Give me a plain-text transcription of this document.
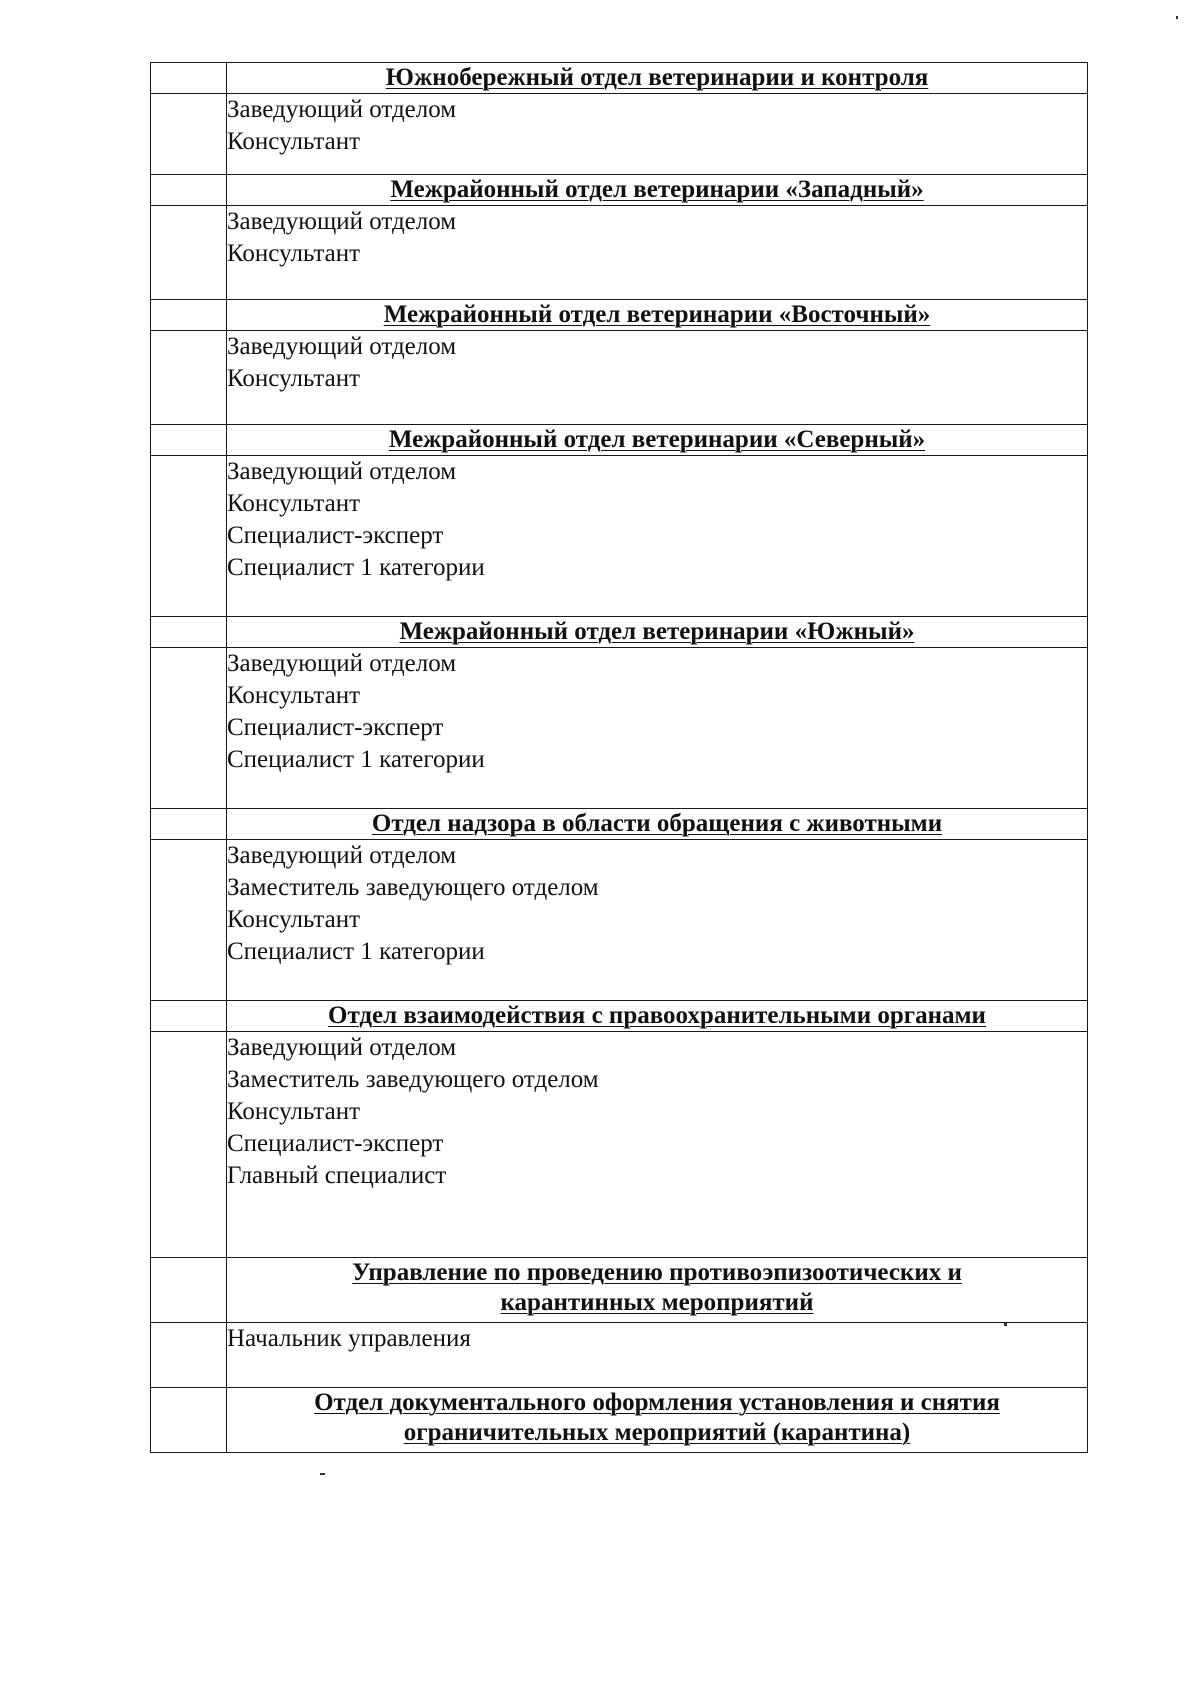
	Южнобережный отдел ветеринарии и контроля

	Заведующий отделом
Консультант

	Межрайонный отдел ветеринарии «Западный»

	Заведующий отделом
Консультант

	Межрайонный отдел ветеринарии «Восточный»

	Заведующий отделом
Консультант

	Межрайонный отдел ветеринарии «Северный»

	Заведующий отделом
Консультант
Специалист-эксперт
Специалист 1 категории

	Межрайонный отдел ветеринарии «Южный»

	Заведующий отделом
Консультант
Специалист-эксперт
Специалист 1 категории

	Отдел надзора в области обращения с животными

	Заведующий отделом
Заместитель заведующего отделом
Консультант
Специалист 1 категории

	Отдел взаимодействия с правоохранительными органами

	Заведующий отделом
Заместитель заведующего отделом
Консультант
Специалист-эксперт
Главный специалист

	Управление по проведению противоэпизоотических и
карантинных мероприятий

	Начальник управления

	Отдел документального оформления установления и снятия
ограничительных мероприятий (карантина)
